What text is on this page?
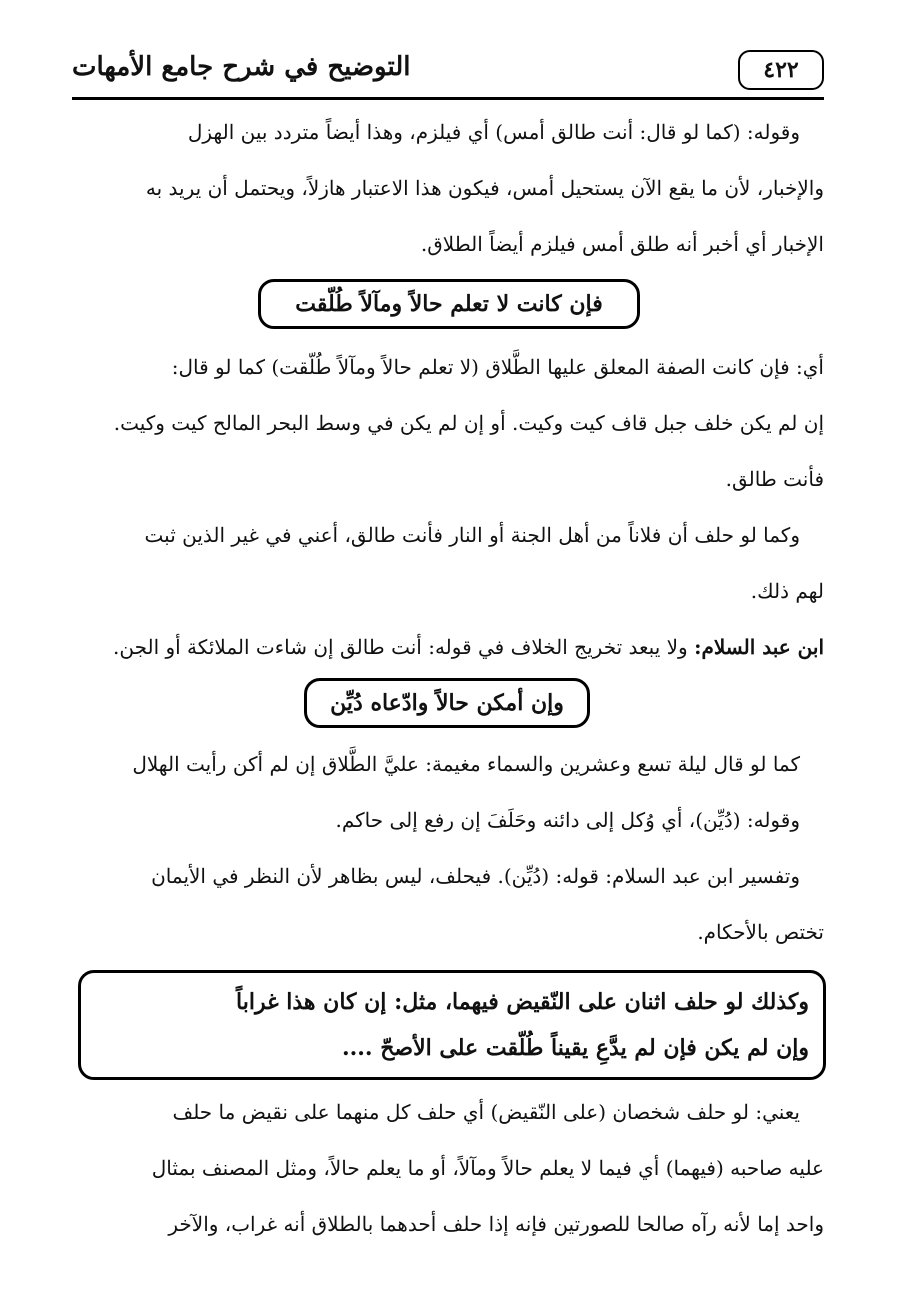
٤٢٢
التوضيح في شرح جامع الأمهات

وقوله: (كما لو قال: أنت طالق أمس) أي فيلزم، وهذا أيضاً متردد بين الهزل
والإخبار، لأن ما يقع الآن يستحيل أمس، فيكون هذا الاعتبار هازلاً، ويحتمل أن يريد به
الإخبار أي أخبر أنه طلق أمس فيلزم أيضاً الطلاق.

فإن كانت لا تعلم حالاً ومآلاً طُلّقت

أي: فإن كانت الصفة المعلق عليها الطَّلاق (لا تعلم حالاً ومآلاً طُلّقت) كما لو قال:
إن لم يكن خلف جبل قاف كيت وكيت. أو إن لم يكن في وسط البحر المالح كيت وكيت.
فأنت طالق.

وكما لو حلف أن فلاناً من أهل الجنة أو النار فأنت طالق، أعني في غير الذين ثبت
لهم ذلك.

ابن عبد السلام: ولا يبعد تخريج الخلاف في قوله: أنت طالق إن شاءت الملائكة أو الجن.

وإن أمكن حالاً وادّعاه دُيِّن

كما لو قال ليلة تسع وعشرين والسماء مغيمة: عليَّ الطَّلاق إن لم أكن رأيت الهلال

وقوله: (دُيِّن)، أي وُكل إلى دائنه وحَلَفَ إن رفع إلى حاكم.

وتفسير ابن عبد السلام: قوله: (دُيِّن). فيحلف، ليس بظاهر لأن النظر في الأيمان
تختص بالأحكام.

وكذلك لو حلف اثنان على النّقيض فيهما، مثل: إن كان هذا غراباً
وإن لم يكن فإن لم يدَّعِ يقيناً طُلّقت على الأصحّ ....

يعني: لو حلف شخصان (على النّقيض) أي حلف كل منهما على نقيض ما حلف
عليه صاحبه (فيهما) أي فيما لا يعلم حالاً ومآلاً، أو ما يعلم حالاً، ومثل المصنف بمثال
واحد إما لأنه رآه صالحا للصورتين فإنه إذا حلف أحدهما بالطلاق أنه غراب، والآخر
